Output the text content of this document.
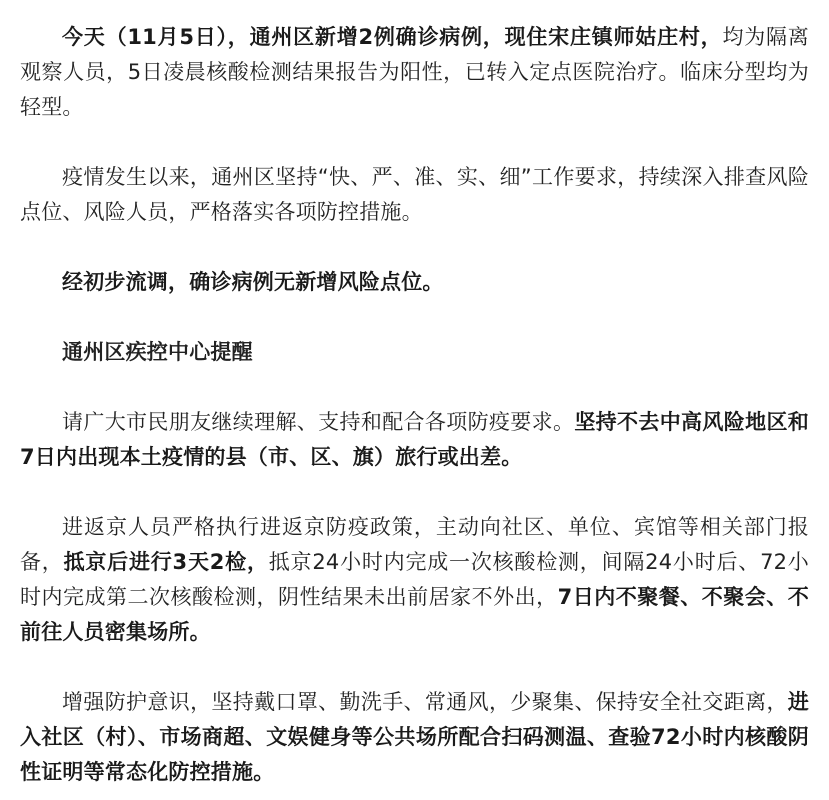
今天（11月5日），通州区新增2例确诊病例，现住宋庄镇师姑庄村，均为隔离观察人员，5日凌晨核酸检测结果报告为阳性，已转入定点医院治疗。临床分型均为轻型。

疫情发生以来，通州区坚持“快、严、准、实、细”工作要求，持续深入排查风险点位、风险人员，严格落实各项防控措施。

经初步流调，确诊病例无新增风险点位。

通州区疾控中心提醒

请广大市民朋友继续理解、支持和配合各项防疫要求。坚持不去中高风险地区和7日内出现本土疫情的县（市、区、旗）旅行或出差。

进返京人员严格执行进返京防疫政策，主动向社区、单位、宾馆等相关部门报备，抵京后进行3天2检，抵京24小时内完成一次核酸检测，间隔24小时后、72小时内完成第二次核酸检测，阴性结果未出前居家不外出，7日内不聚餐、不聚会、不前往人员密集场所。

增强防护意识，坚持戴口罩、勤洗手、常通风，少聚集、保持安全社交距离，进入社区（村）、市场商超、文娱健身等公共场所配合扫码测温、查验72小时内核酸阴性证明等常态化防控措施。
